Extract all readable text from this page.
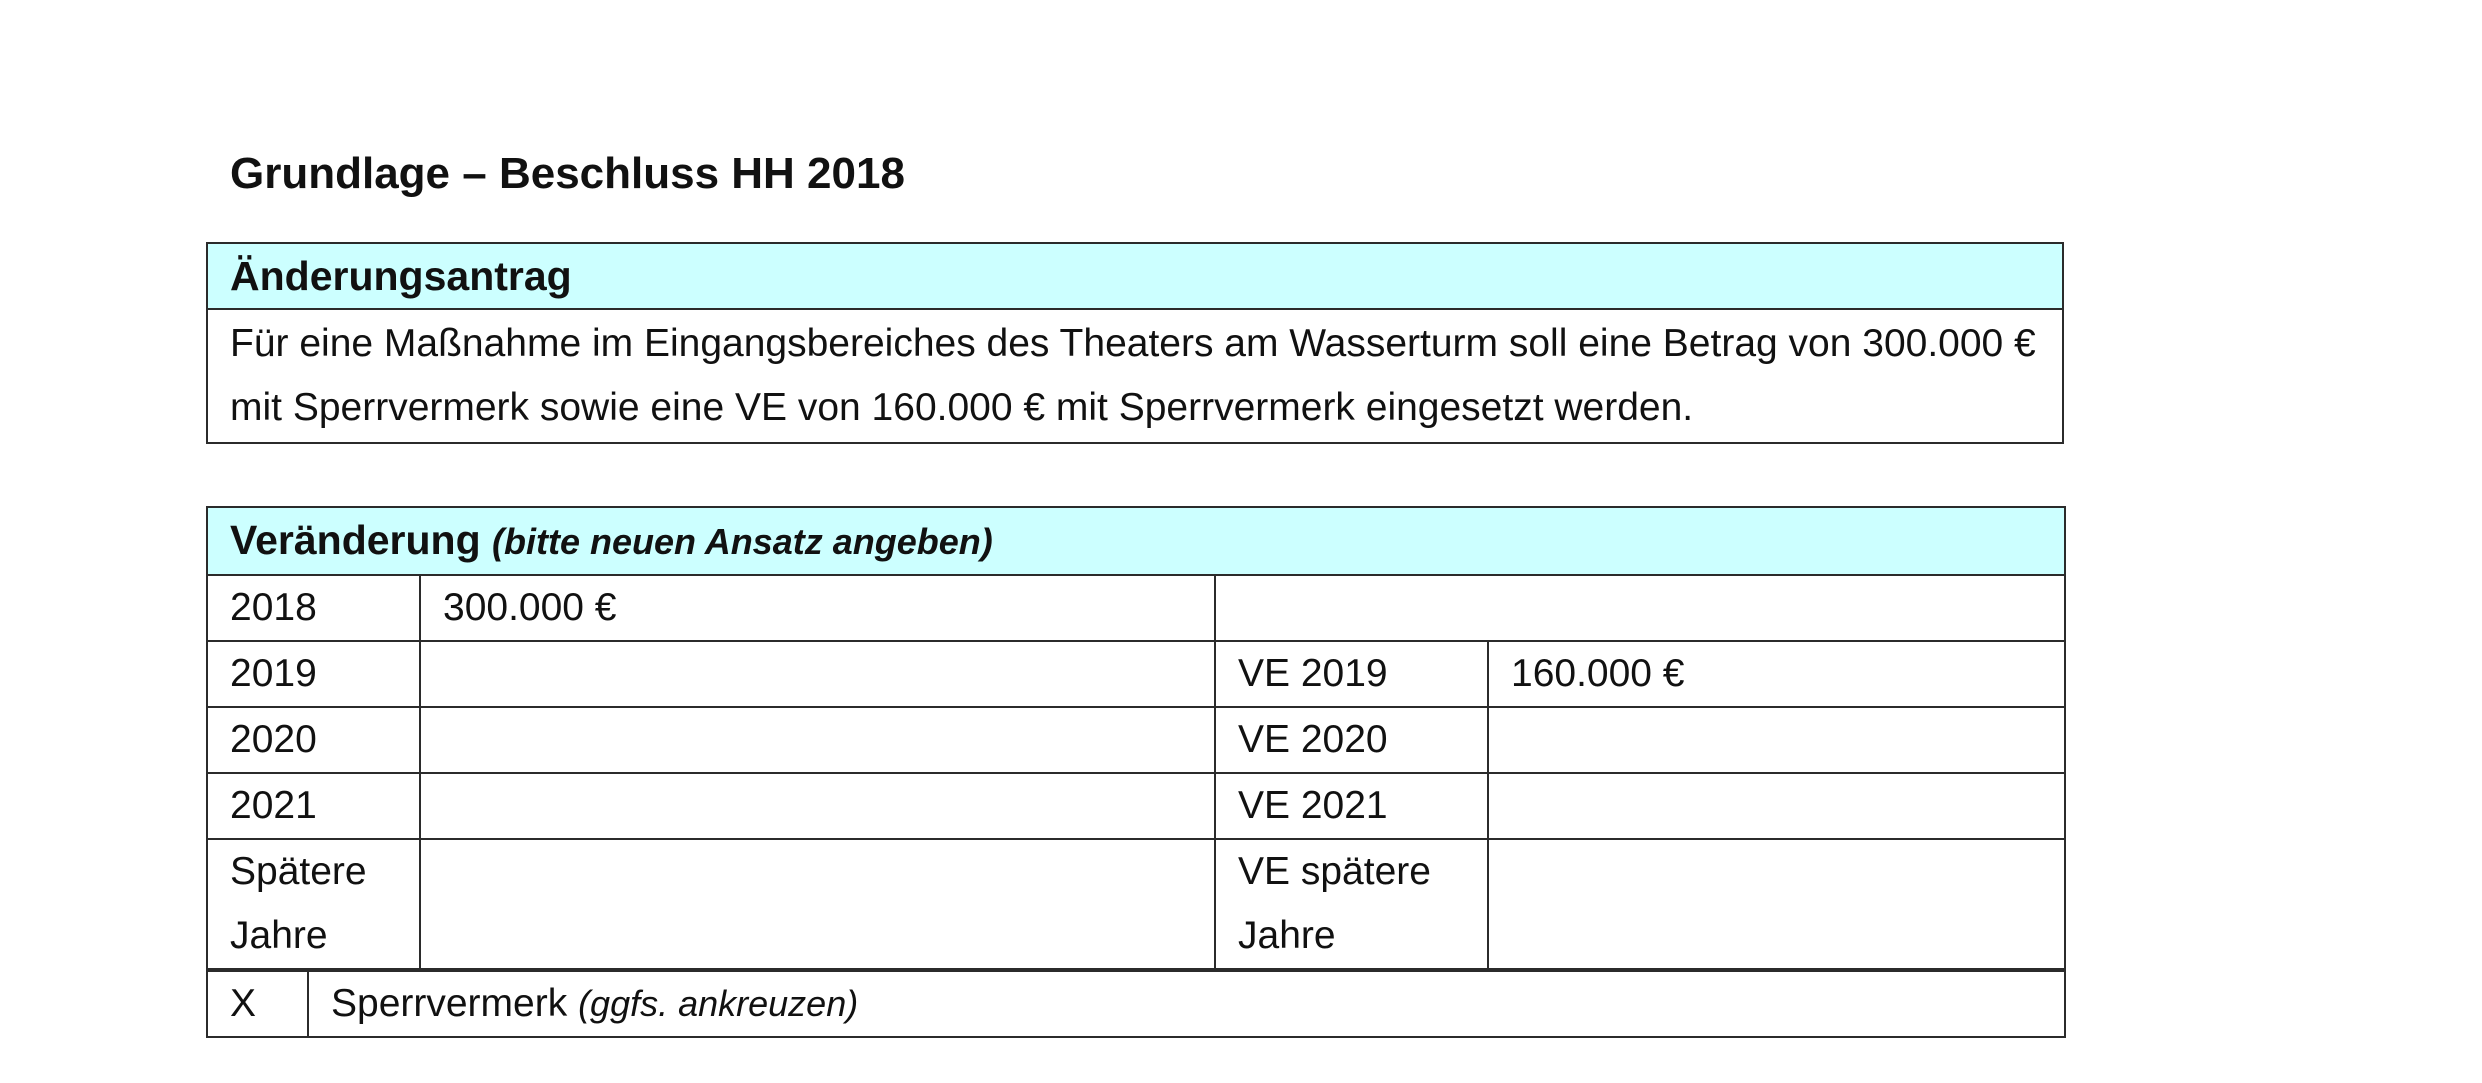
Grundlage – Beschluss HH 2018
Änderungsantrag
Für eine Maßnahme im Eingangsbereiches des Theaters am Wasserturm soll eine Betrag von 300.000 € mit Sperrvermerk sowie eine VE von 160.000 € mit Sperrvermerk eingesetzt werden.
Veränderung (bitte neuen Ansatz angeben)			
2018	300.000 €		
2019		VE 2019	160.000 €
2020		VE 2020	
2021		VE 2021	
Spätere Jahre		VE spätere Jahre	
X	Sperrvermerk (ggfs. ankreuzen)
